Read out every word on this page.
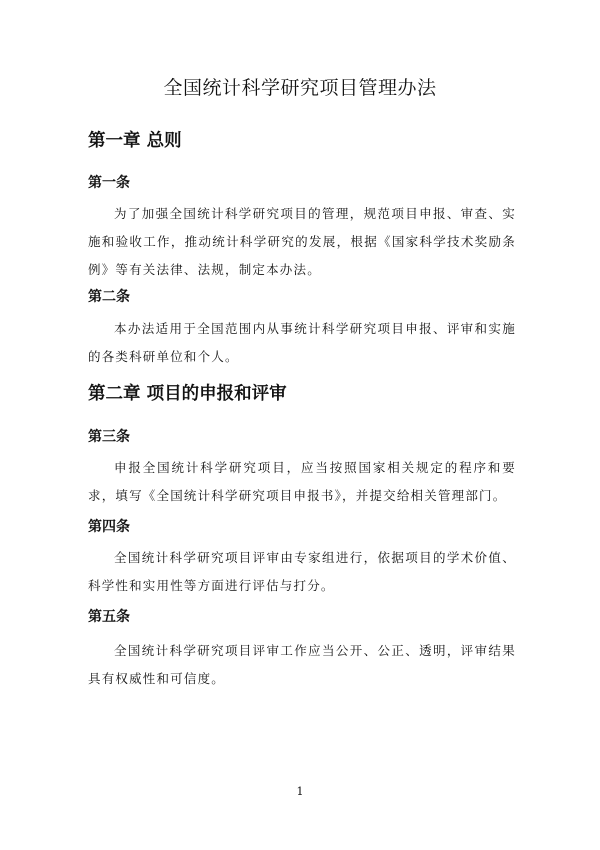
全国统计科学研究项目管理办法
第一章 总则
第一条

为了加强全国统计科学研究项目的管理，规范项目申报、审查、实施和验收工作，推动统计科学研究的发展，根据《国家科学技术奖励条例》等有关法律、法规，制定本办法。

第二条

本办法适用于全国范围内从事统计科学研究项目申报、评审和实施的各类科研单位和个人。

第二章 项目的申报和评审
第三条

申报全国统计科学研究项目，应当按照国家相关规定的程序和要求，填写《全国统计科学研究项目申报书》，并提交给相关管理部门。

第四条

全国统计科学研究项目评审由专家组进行，依据项目的学术价值、科学性和实用性等方面进行评估与打分。

第五条

全国统计科学研究项目评审工作应当公开、公正、透明，评审结果具有权威性和可信度。

1
